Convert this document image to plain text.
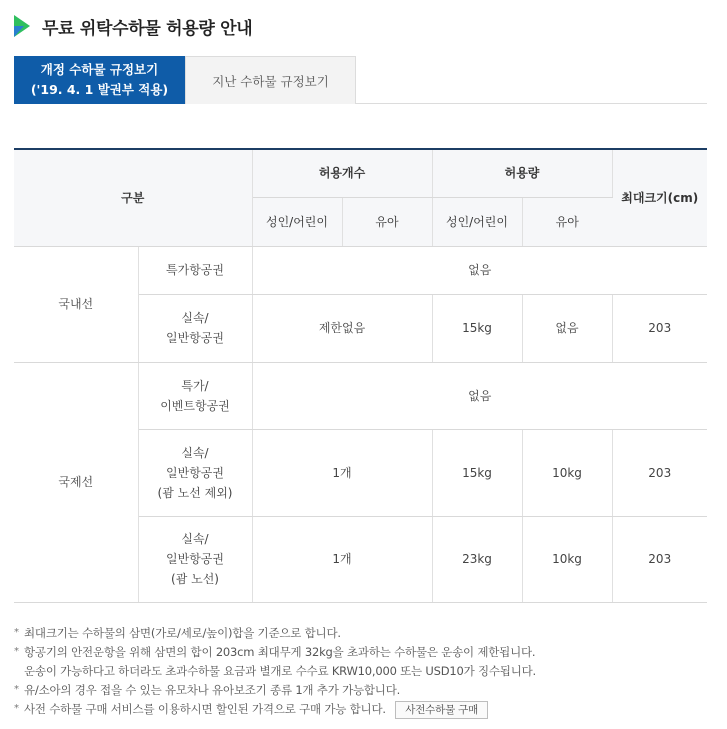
무료 위탁수하물 허용량 안내
개정 수하물 규정보기
('19. 4. 1 발권부 적용)
지난 수하물 규정보기
구분		허용개수		허용량		최대크기(cm)
		성인/어린이	유아	성인/어린이	유아	
국내선	특가항공권	없음				
	실속/
일반항공권	제한없음		15kg	없음	203
국제선	특가/
이벤트항공권	없음				
	실속/
일반항공권
(괌 노선 제외)	1개		15kg	10kg	203
	실속/
일반항공권
(괌 노선)	1개		23kg	10kg	203
* 최대크기는 수하물의 삼면(가로/세로/높이)합을 기준으로 합니다.
* 항공기의 안전운항을 위해 삼면의 합이 203cm 최대무게 32kg을 초과하는 수하물은 운송이 제한됩니다.
운송이 가능하다고 하더라도 초과수하물 요금과 별개로 수수료 KRW10,000 또는 USD10가 징수됩니다.
* 유/소아의 경우 접을 수 있는 유모차나 유아보조기 종류 1개 추가 가능합니다.
* 사전 수하물 구매 서비스를 이용하시면 할인된 가격으로 구매 가능 합니다. 사전수하물 구매
